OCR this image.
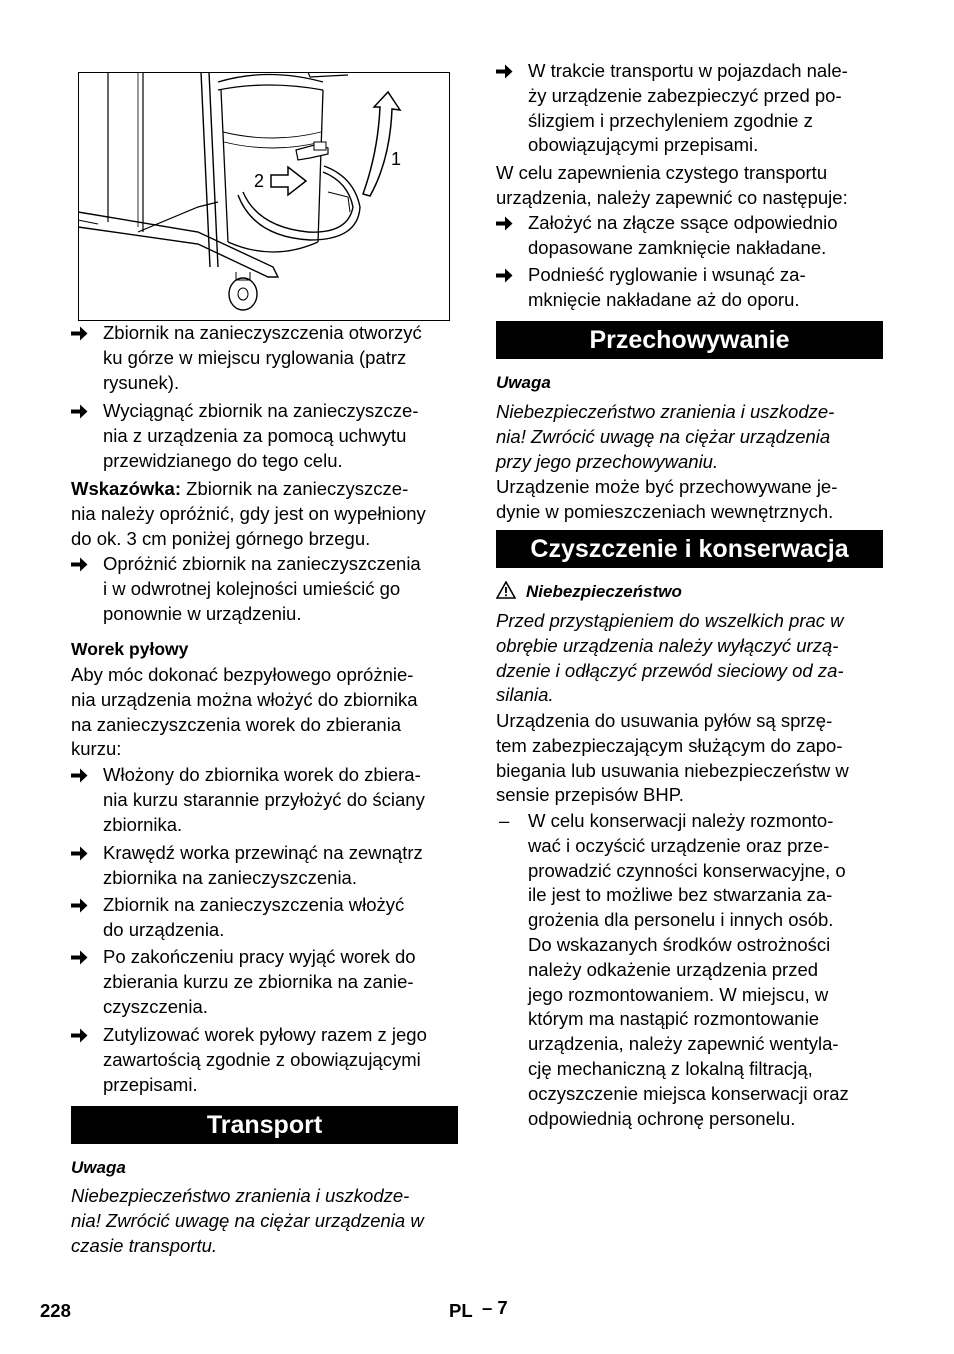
2
1
Zbiornik na zanieczyszczenia otworzyć
ku górze w miejscu ryglowania (patrz
rysunek).
Wyciągnąć zbiornik na zanieczyszcze-
nia z urządzenia za pomocą uchwytu
przewidzianego do tego celu.
Wskazówka: Zbiornik na zanieczyszcze-
nia należy opróżnić, gdy jest on wypełniony
do ok. 3 cm poniżej górnego brzegu.
Opróżnić zbiornik na zanieczyszczenia
i w odwrotnej kolejności umieścić go
ponownie w urządzeniu.
Worek pyłowy
Aby móc dokonać bezpyłowego opróżnie-
nia urządzenia można włożyć do zbiornika
na zanieczyszczenia worek do zbierania
kurzu:
Włożony do zbiornika worek do zbiera-
nia kurzu starannie przyłożyć do ściany
zbiornika.
Krawędź worka przewinąć na zewnątrz
zbiornika na zanieczyszczenia.
Zbiornik na zanieczyszczenia włożyć
do urządzenia.
Po zakończeniu pracy wyjąć worek do
zbierania kurzu ze zbiornika na zanie-
czyszczenia.
Zutylizować worek pyłowy razem z jego
zawartością zgodnie z obowiązującymi
przepisami.
Transport
Uwaga
Niebezpieczeństwo zranienia i uszkodze-
nia! Zwrócić uwagę na ciężar urządzenia w
czasie transportu.
W trakcie transportu w pojazdach nale-
ży urządzenie zabezpieczyć przed po-
ślizgiem i przechyleniem zgodnie z
obowiązującymi przepisami.
W celu zapewnienia czystego transportu
urządzenia, należy zapewnić co następuje:
Założyć na złącze ssące odpowiednio
dopasowane zamknięcie nakładane.
Podnieść ryglowanie i wsunąć za-
mknięcie nakładane aż do oporu.
Przechowywanie
Uwaga
Niebezpieczeństwo zranienia i uszkodze-
nia! Zwrócić uwagę na ciężar urządzenia
przy jego przechowywaniu.
Urządzenie może być przechowywane je-
dynie w pomieszczeniach wewnętrznych.
Czyszczenie i konserwacja
Niebezpieczeństwo
Przed przystąpieniem do wszelkich prac w
obrębie urządzenia należy wyłączyć urzą-
dzenie i odłączyć przewód sieciowy od za-
silania.
Urządzenia do usuwania pyłów są sprzę-
tem zabezpieczającym służącym do zapo-
biegania lub usuwania niebezpieczeństw w
sensie przepisów BHP.
–	W celu konserwacji należy rozmonto-
wać i oczyścić urządzenie oraz prze-
prowadzić czynności konserwacyjne, o
ile jest to możliwe bez stwarzania za-
grożenia dla personelu i innych osób.
Do wskazanych środków ostrożności
należy odkażenie urządzenia przed
jego rozmontowaniem. W miejscu, w
którym ma nastąpić rozmontowanie
urządzenia, należy zapewnić wentyla-
cję mechaniczną z lokalną filtracją,
oczyszczenie miejsca konserwacji oraz
odpowiednią ochronę personelu.
228	PL – 7
